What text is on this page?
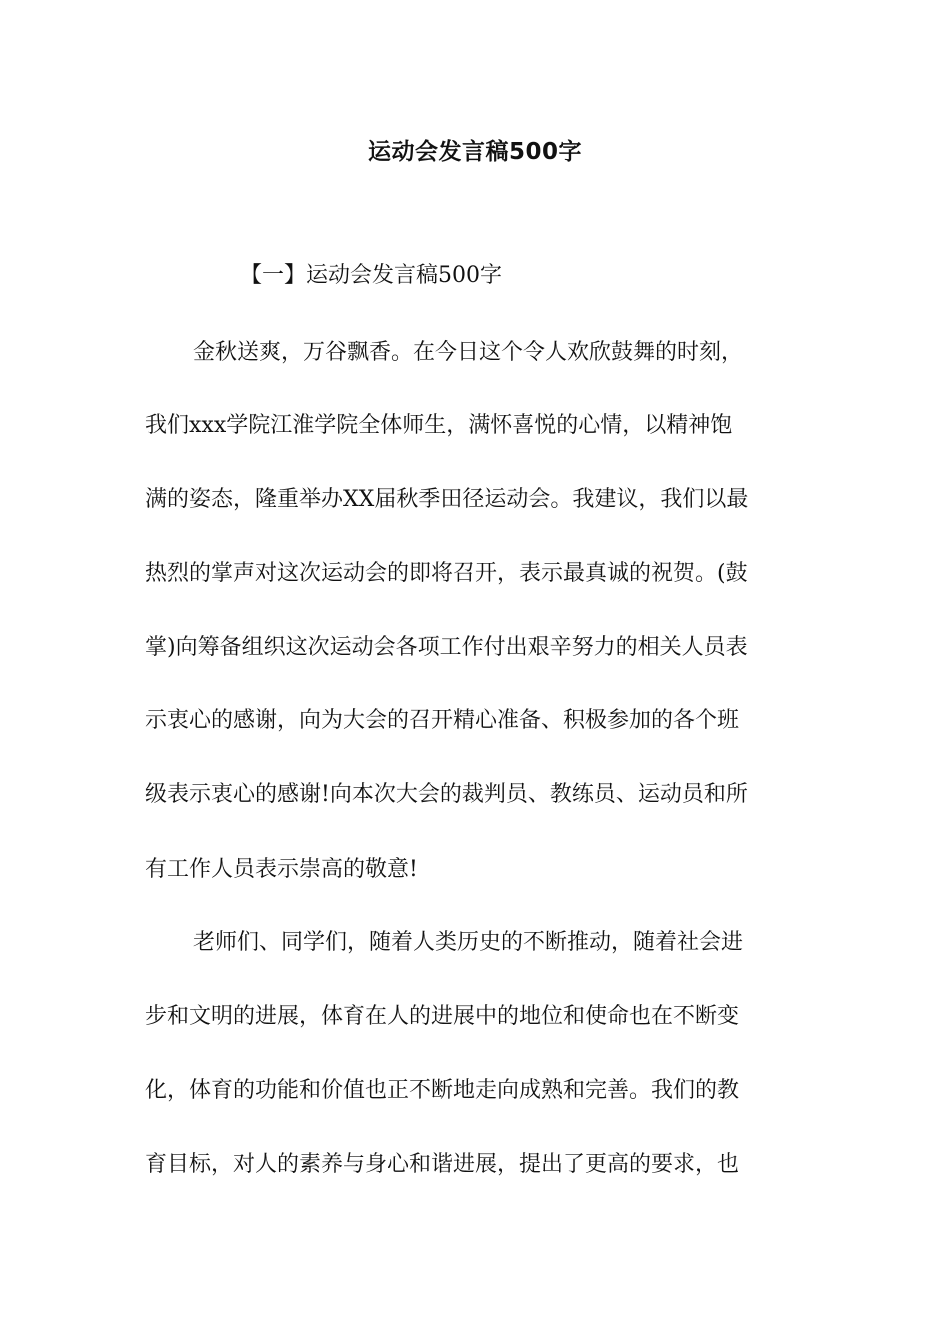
运动会发言稿500字
【一】运动会发言稿500字
金秋送爽，万谷飘香。在今日这个令人欢欣鼓舞的时刻，
我们xxx学院江淮学院全体师生，满怀喜悦的心情，以精神饱
满的姿态，隆重举办XX届秋季田径运动会。我建议，我们以最
热烈的掌声对这次运动会的即将召开，表示最真诚的祝贺。(鼓
掌)向筹备组织这次运动会各项工作付出艰辛努力的相关人员表
示衷心的感谢，向为大会的召开精心准备、积极参加的各个班
级表示衷心的感谢!向本次大会的裁判员、教练员、运动员和所
有工作人员表示崇高的敬意!
老师们、同学们，随着人类历史的不断推动，随着社会进
步和文明的进展，体育在人的进展中的地位和使命也在不断变
化，体育的功能和价值也正不断地走向成熟和完善。我们的教
育目标，对人的素养与身心和谐进展，提出了更高的要求，也
